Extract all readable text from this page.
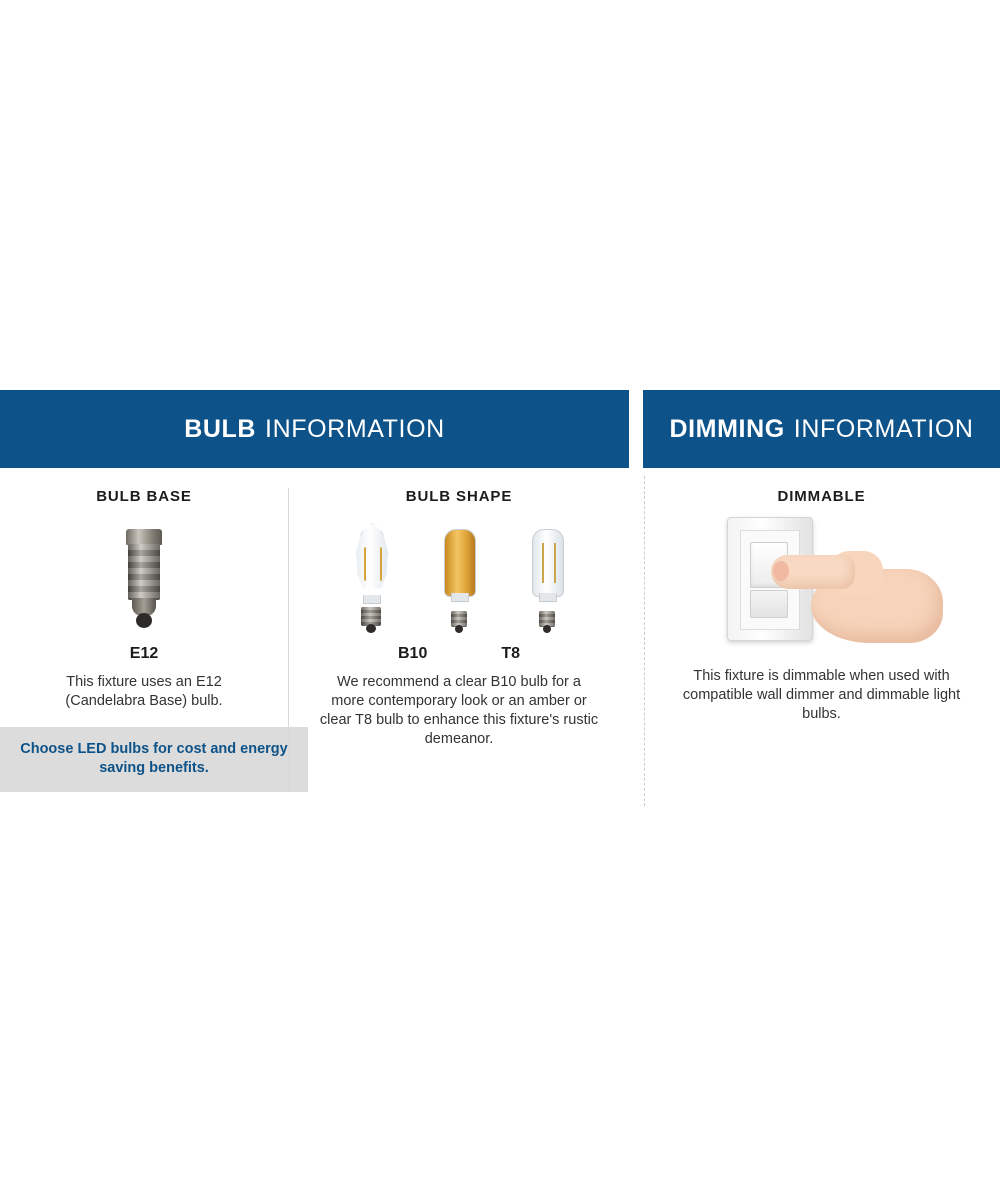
BULB INFORMATION
BULB BASE
E12
This fixture uses an E12 (Candelabra Base) bulb.
Choose LED bulbs for cost and energy saving benefits.
BULB SHAPE
B10	T8
We recommend a clear B10 bulb for a more contemporary look or an amber or clear T8 bulb to enhance this fixture's rustic demeanor.
DIMMING INFORMATION
DIMMABLE
This fixture is dimmable when used with compatible wall dimmer and dimmable light bulbs.
